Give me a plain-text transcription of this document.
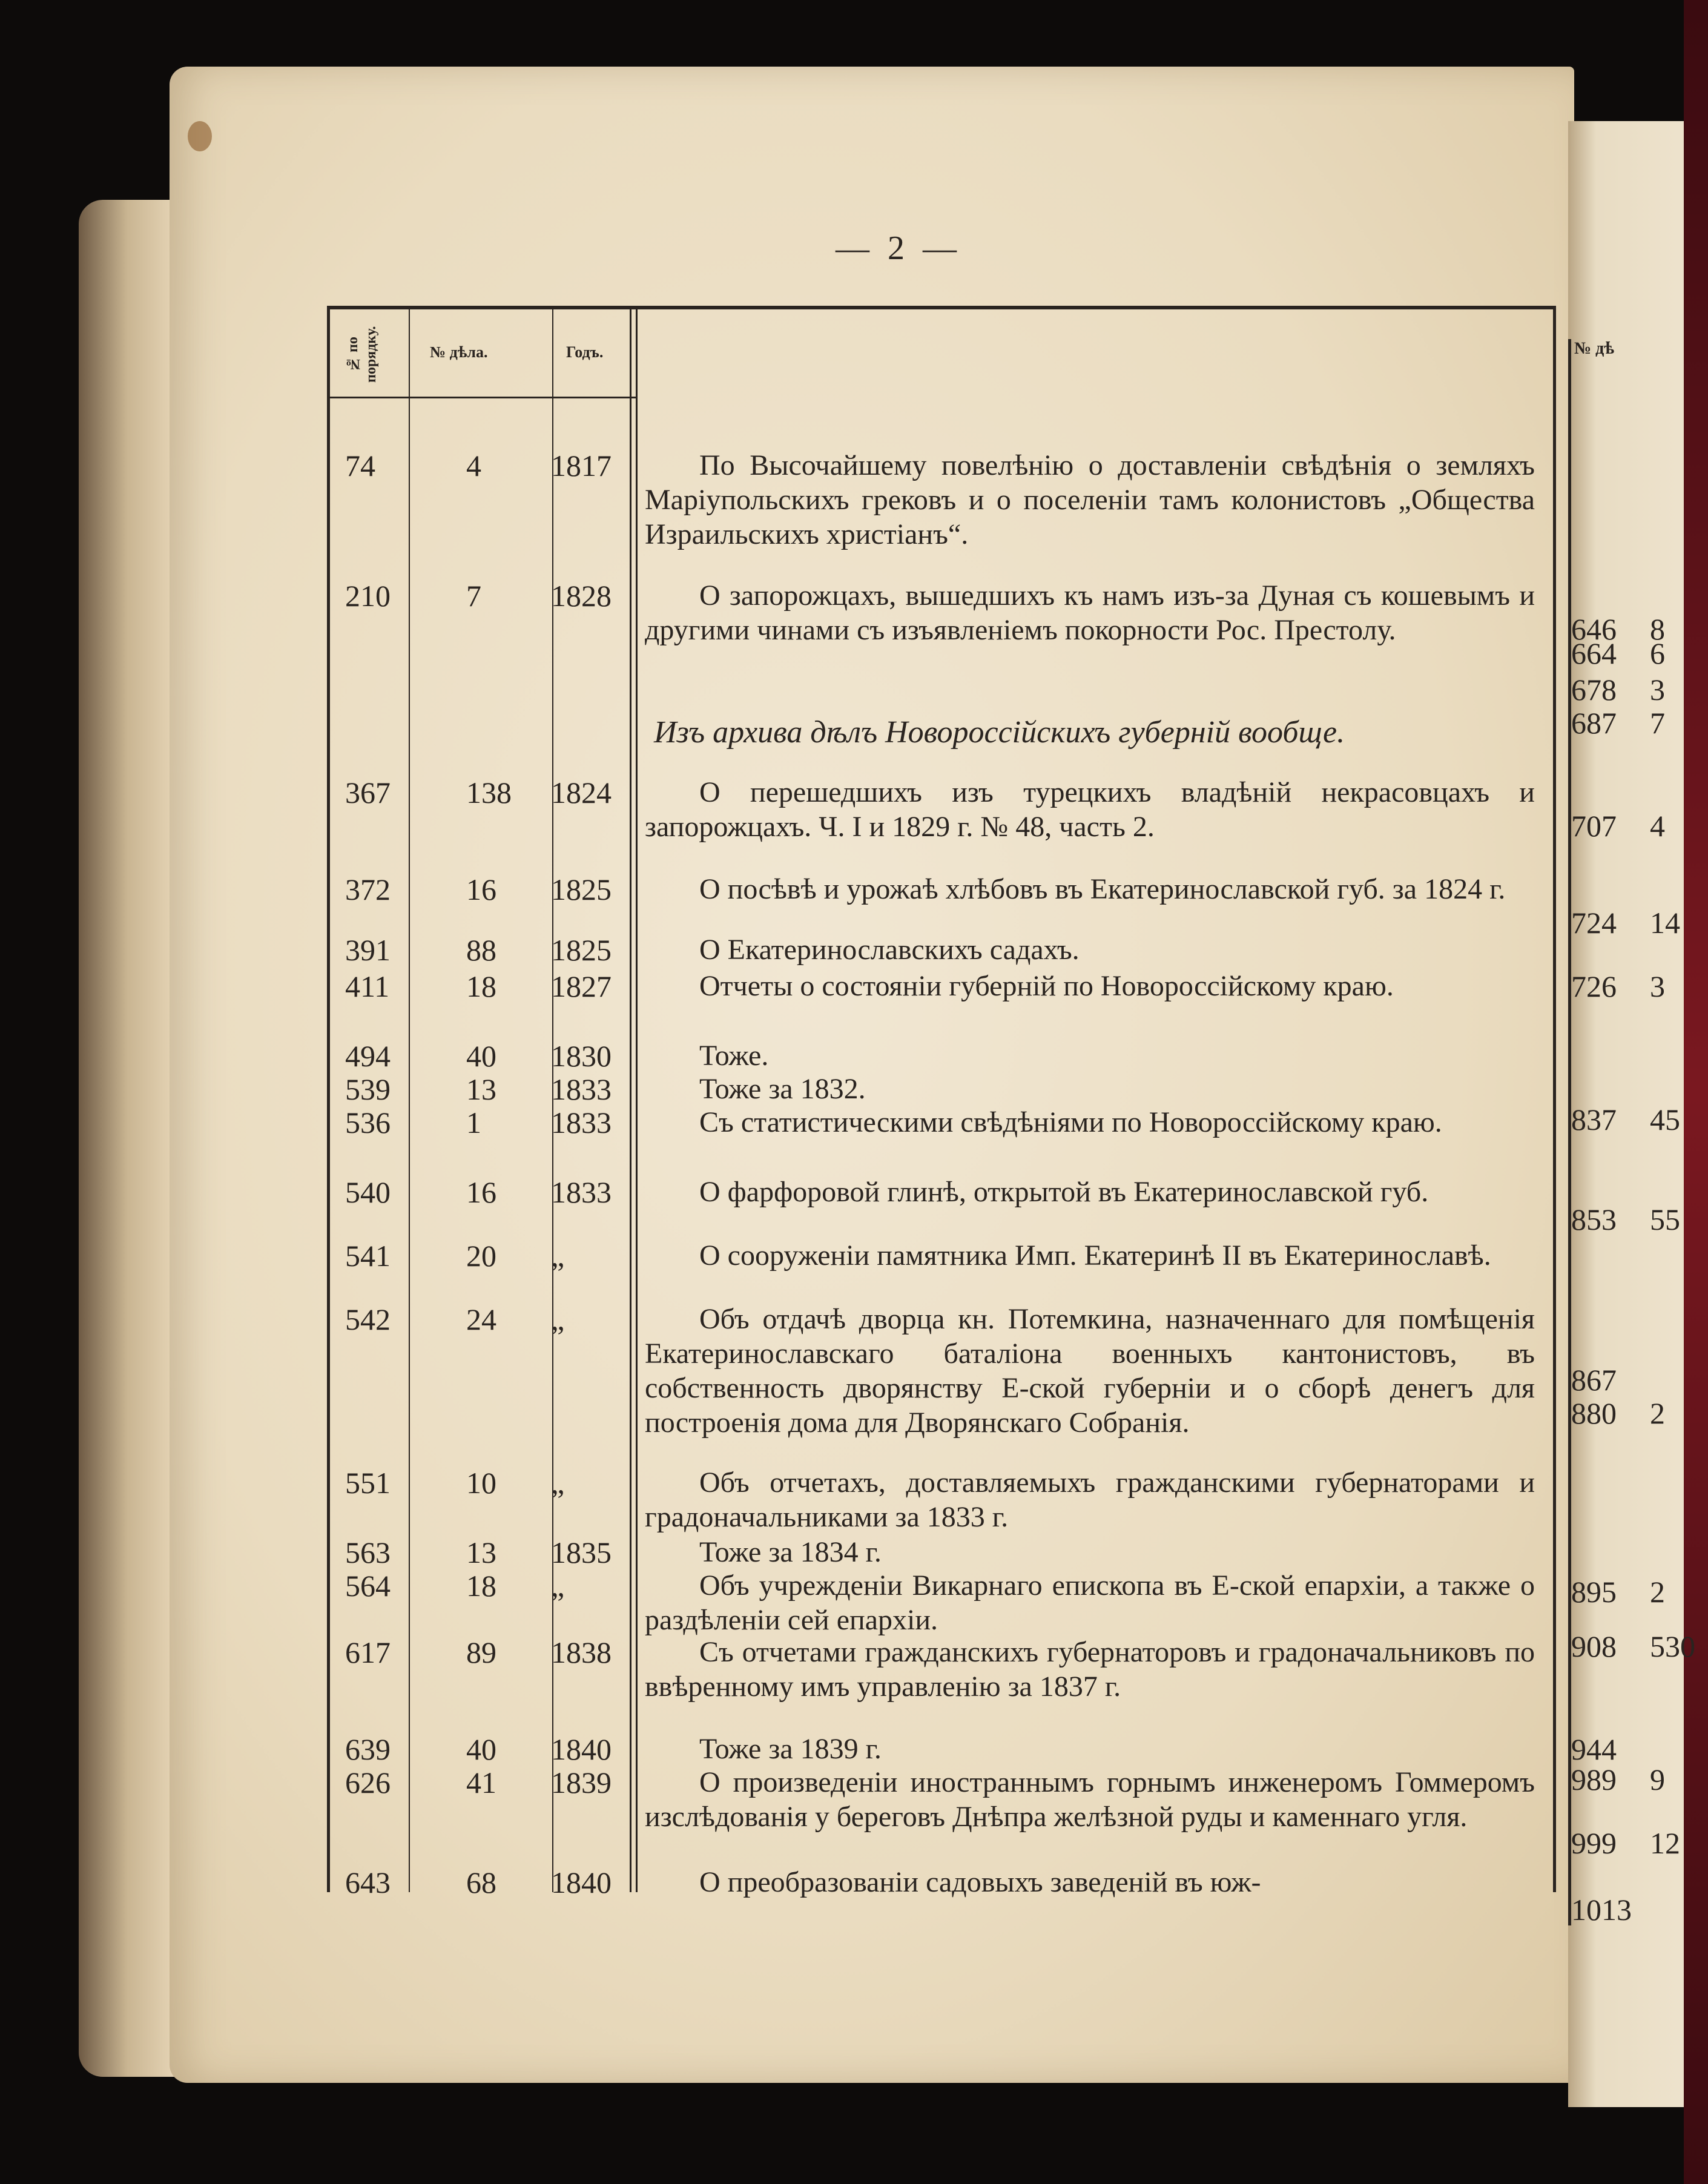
— 2 —
№ по порядку.	№ дѣла.	Годъ.
Изъ архива дѣлъ Новороссійскихъ губерній вообще.
74	4 1817	По Высочайшему повелѣнію о доставленіи свѣдѣнія о земляхъ Маріупольскихъ грековъ и о поселеніи тамъ колонистовъ „Общества Израильскихъ христіанъ“.
210	7 1828	О запорожцахъ, вышедшихъ къ намъ изъ-за Дуная съ кошевымъ и другими чинами съ изъявленіемъ покорности Рос. Престолу.
367	138 1824	О перешедшихъ изъ турецкихъ владѣній некрасовцахъ и запорожцахъ. Ч. I и 1829 г. № 48, часть 2.
372	16 1825	О посѣвѣ и урожаѣ хлѣбовъ въ Екатеринославской губ. за 1824 г.
391	88 1825	О Екатеринославскихъ садахъ.
411	18 1827	Отчеты о состояніи губерній по Новороссійскому краю.
494	40 1830	Тоже.
539	13 1833	Тоже за 1832.
536	1 1833	Съ статистическими свѣдѣніями по Новороссійскому краю.
540	16 1833	О фарфоровой глинѣ, открытой въ Екатеринославской губ.
541	20 „	О сооруженіи памятника Имп. Екатеринѣ II въ Екатеринославѣ.
542	24 „	Объ отдачѣ дворца кн. Потемкина, назначеннаго для помѣщенія Екатеринославскаго баталіона военныхъ кантонистовъ, въ собственность дворянству Е-ской губерніи и о сборѣ денегъ для построенія дома для Дворянскаго Собранія.
551	10 „	Объ отчетахъ, доставляемыхъ гражданскими губернаторами и градоначальниками за 1833 г.
563	13 1835	Тоже за 1834 г.
564	18 „	Объ учрежденіи Викарнаго епископа въ Е-ской епархіи, а также о раздѣленіи сей епархіи.
617	89 1838	Съ отчетами гражданскихъ губернаторовъ и градоначальниковъ по ввѣренному имъ управленію за 1837 г.
639	40 1840	Тоже за 1839 г.
626	41 1839	О произведеніи иностраннымъ горнымъ инженеромъ Гоммеромъ изслѣдованія у береговъ Днѣпра желѣзной руды и каменнаго угля.
643	68 1840	О преобразованіи садовыхъ заведеній въ юж-
№ дѣ
646 8
664 6
678 3
687 7
707 4
724 14
726 3
837 45
853 55
867
880 2
895 2
908 530
944
989 9
999 12
1013
